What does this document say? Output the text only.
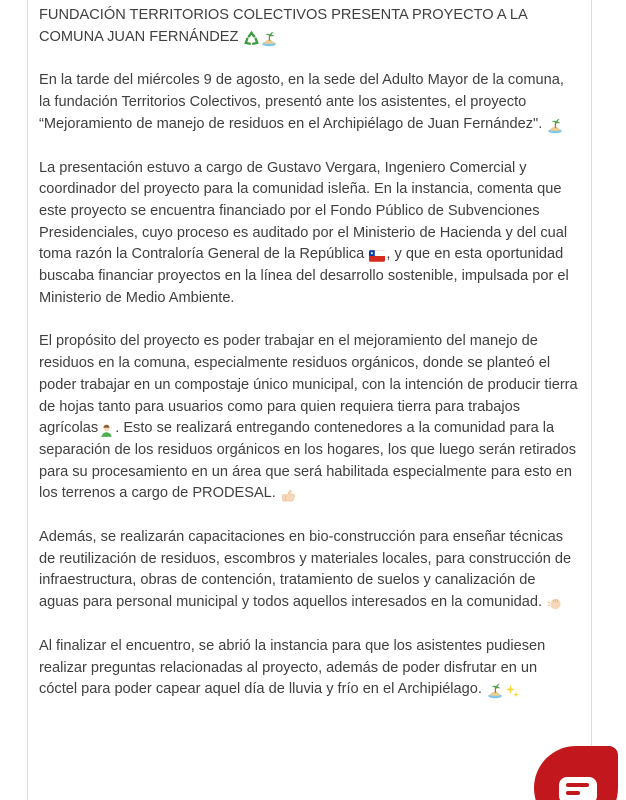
FUNDACIÓN TERRITORIOS COLECTIVOS PRESENTA PROYECTO A LA COMUNA JUAN FERNÁNDEZ

En la tarde del miércoles 9 de agosto, en la sede del Adulto Mayor de la comuna, la fundación Territorios Colectivos, presentó ante los asistentes, el proyecto “Mejoramiento de manejo de residuos en el Archipiélago de Juan Fernández".

La presentación estuvo a cargo de Gustavo Vergara, Ingeniero Comercial y coordinador del proyecto para la comunidad isleña. En la instancia, comenta que este proyecto se encuentra financiado por el Fondo Público de Subvenciones Presidenciales, cuyo proceso es auditado por el Ministerio de Hacienda y del cual toma razón la Contraloría General de la República , y que en esta oportunidad buscaba financiar proyectos en la línea del desarrollo sostenible, impulsada por el Ministerio de Medio Ambiente.

El propósito del proyecto es poder trabajar en el mejoramiento del manejo de residuos en la comuna, especialmente residuos orgánicos, donde se planteó el poder trabajar en un compostaje único municipal, con la intención de producir tierra de hojas tanto para usuarios como para quien requiera tierra para trabajos agrícolas . Esto se realizará entregando contenedores a la comunidad para la separación de los residuos orgánicos en los hogares, los que luego serán retirados para su procesamiento en un área que será habilitada especialmente para esto en los terrenos a cargo de PRODESAL.

Además, se realizarán capacitaciones en bio-construcción para enseñar técnicas de reutilización de residuos, escombros y materiales locales, para construcción de infraestructura, obras de contención, tratamiento de suelos y canalización de aguas para personal municipal y todos aquellos interesados en la comunidad.

Al finalizar el encuentro, se abrió la instancia para que los asistentes pudiesen realizar preguntas relacionadas al proyecto, además de poder disfrutar en un cóctel para poder capear aquel día de lluvia y frío en el Archipiélago.
